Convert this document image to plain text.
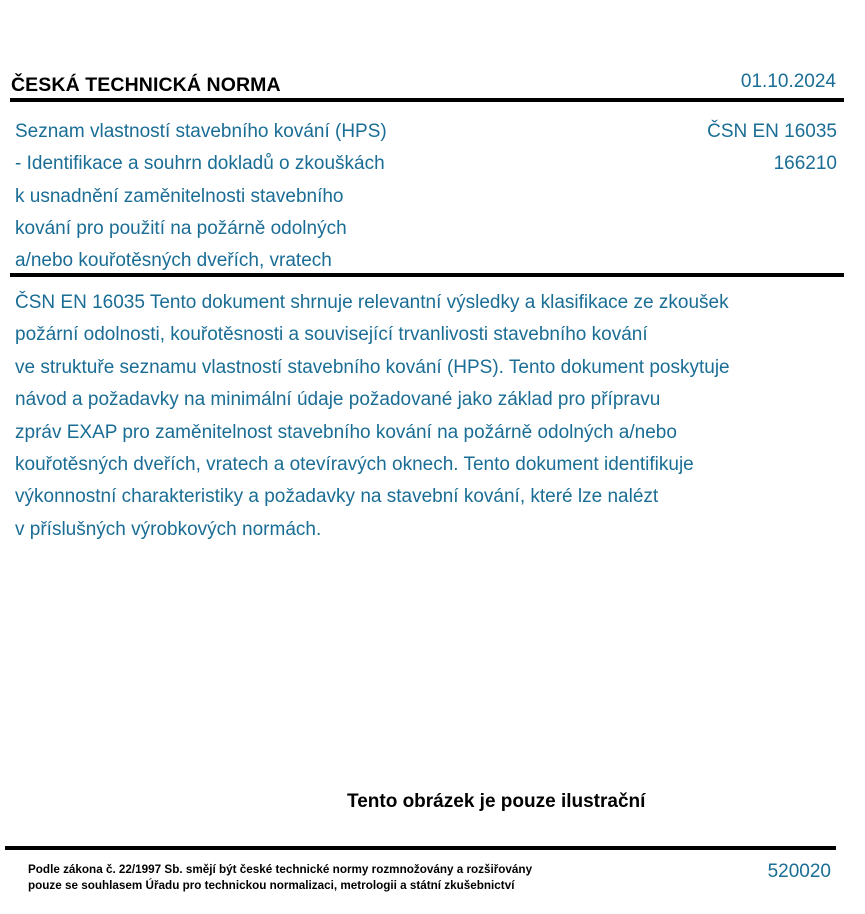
ČESKÁ TECHNICKÁ NORMA	01.10.2024
Seznam vlastností stavebního kování (HPS)
- Identifikace a souhrn dokladů o zkouškách
k usnadnění zaměnitelnosti stavebního
kování pro použití na požárně odolných
a/nebo kouřotěsných dveřích, vratech
ČSN EN 16035
166210
ČSN EN 16035 Tento dokument shrnuje relevantní výsledky a klasifikace ze zkoušek
požární odolnosti, kouřotěsnosti a související trvanlivosti stavebního kování
ve struktuře seznamu vlastností stavebního kování (HPS). Tento dokument poskytuje
návod a požadavky na minimální údaje požadované jako základ pro přípravu
zpráv EXAP pro zaměnitelnost stavebního kování na požárně odolných a/nebo
kouřotěsných dveřích, vratech a otevíravých oknech. Tento dokument identifikuje
výkonnostní charakteristiky a požadavky na stavební kování, které lze nalézt
v příslušných výrobkových normách.
Tento obrázek je pouze ilustrační
Podle zákona č. 22/1997 Sb. smějí být české technické normy rozmnožovány a rozšiřovány
pouze se souhlasem Úřadu pro technickou normalizaci, metrologii a státní zkušebnictví
520020
